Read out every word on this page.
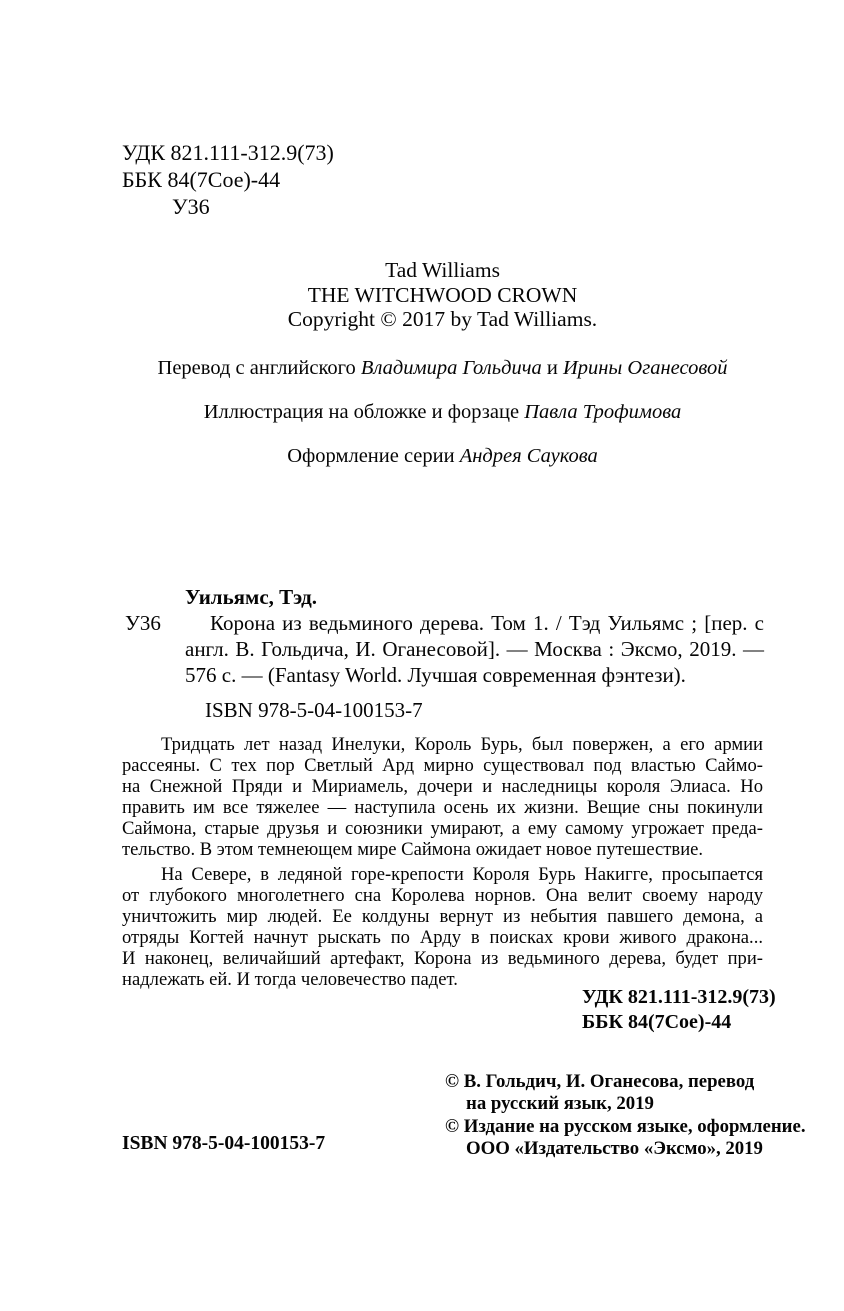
УДК 821.111-312.9(73)
ББК 84(7Сое)-44
У36
Tad Williams
THE WITCHWOOD CROWN
Copyright © 2017 by Tad Williams.
Перевод с английского Владимира Гольдича и Ирины Оганесовой
Иллюстрация на обложке и форзаце Павла Трофимова
Оформление серии Андрея Саукова
Уильямс, Тэд.
У36	Корона из ведьминого дерева. Том 1. / Тэд Уильямс ; [пер. с
англ. В. Гольдича, И. Оганесовой]. — Москва : Эксмо, 2019. —
576 с. — (Fantasy World. Лучшая современная фэнтези).
ISBN 978-5-04-100153-7
Тридцать лет назад Инелуки, Король Бурь, был повержен, а его армии
рассеяны. С тех пор Светлый Ард мирно существовал под властью Саймо-
на Снежной Пряди и Мириамель, дочери и наследницы короля Элиаса. Но
править им все тяжелее — наступила осень их жизни. Вещие сны покинули
Саймона, старые друзья и союзники умирают, а ему самому угрожает преда-
тельство. В этом темнеющем мире Саймона ожидает новое путешествие.
На Севере, в ледяной горе-крепости Короля Бурь Накигге, просыпается
от глубокого многолетнего сна Королева норнов. Она велит своему народу
уничтожить мир людей. Ее колдуны вернут из небытия павшего демона, а
отряды Когтей начнут рыскать по Арду в поисках крови живого дракона...
И наконец, величайший артефакт, Корона из ведьминого дерева, будет при-
надлежать ей. И тогда человечество падет.
УДК 821.111-312.9(73)
ББК 84(7Сое)-44
© В. Гольдич, И. Оганесова, перевод
на русский язык, 2019
© Издание на русском языке, оформление.
ООО «Издательство «Эксмо», 2019
ISBN 978-5-04-100153-7
